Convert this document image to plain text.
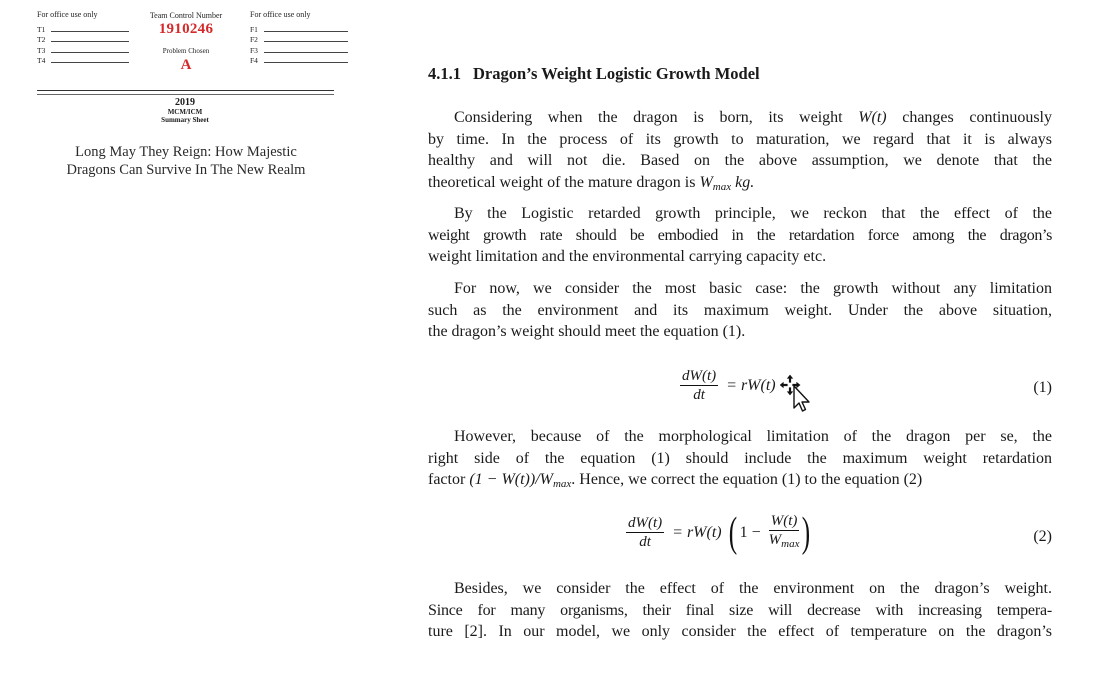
For office use only
T1
T2
T3
T4
Team Control Number
1910246
Problem Chosen
A
For office use only
F1
F2
F3
F4
2019
MCM/ICM
Summary Sheet
Long May They Reign: How Majestic
Dragons Can Survive In The New Realm
4.1.1 Dragon’s Weight Logistic Growth Model
Considering when the dragon is born, its weight W(t) changes continuously
by time. In the process of its growth to maturation, we regard that it is always
healthy and will not die. Based on the above assumption, we denote that the
theoretical weight of the mature dragon is $W_{max}$ kg.
By the Logistic retarded growth principle, we reckon that the effect of the
weight growth rate should be embodied in the retardation force among the dragon’s
weight limitation and the environmental carrying capacity etc.
For now, we consider the most basic case: the growth without any limitation
such as the environment and its maximum weight. Under the above situation,
the dragon’s weight should meet the equation (1).
$\frac{dW(t)}{dt} = rW(t)$	(1)
However, because of the morphological limitation of the dragon per se, the
right side of the equation (1) should include the maximum weight retardation
factor $(1 - W(t))/W_{max}$. Hence, we correct the equation (1) to the equation (2)
$\frac{dW(t)}{dt} = rW(t)$ ( $1 - \frac{W(t)}{W_{max}}$ )	(2)
Besides, we consider the effect of the environment on the dragon’s weight.
Since for many organisms, their final size will decrease with increasing tempera-
ture [2]. In our model, we only consider the effect of temperature on the dragon’s
